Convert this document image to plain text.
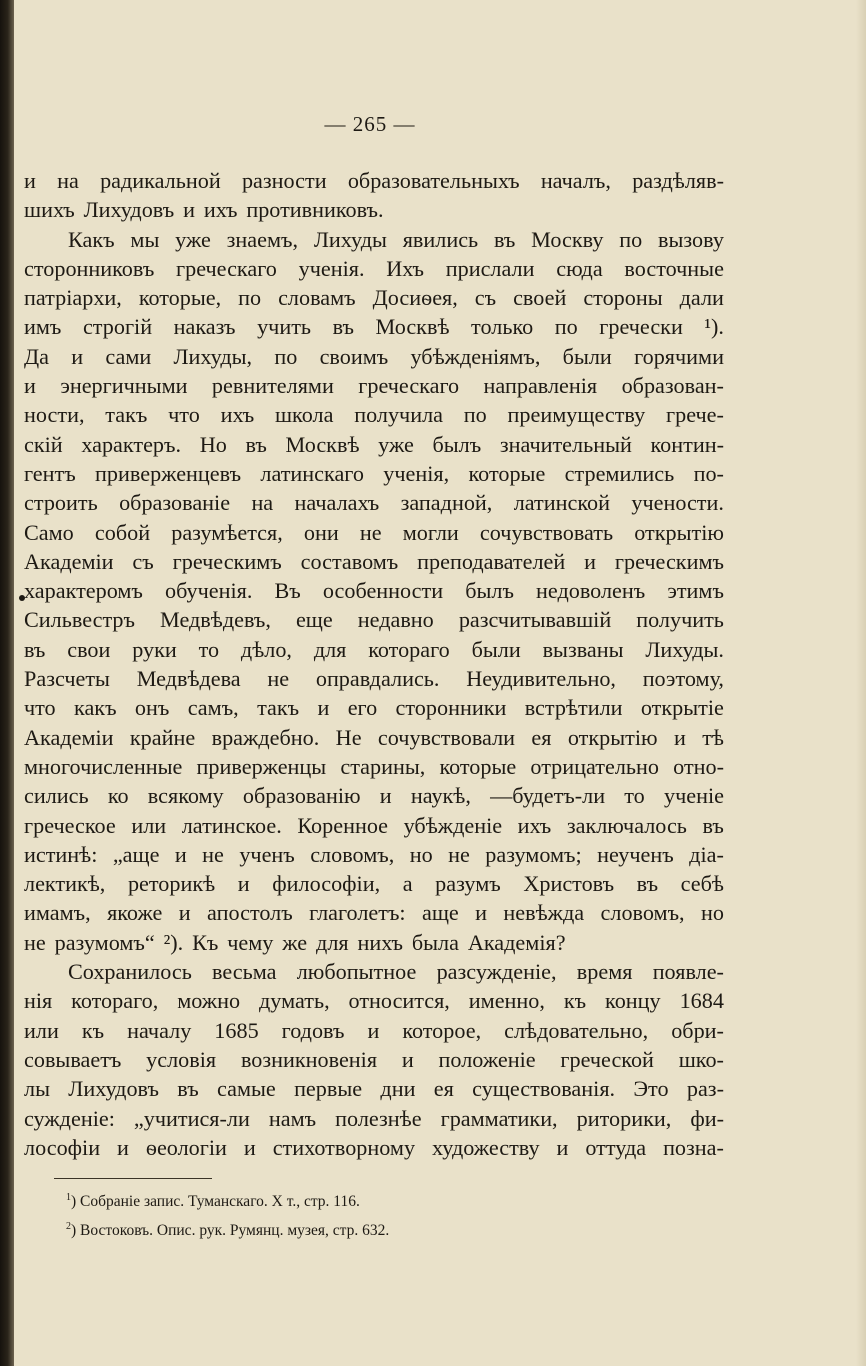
— 265 —
и на радикальной разности образовательныхъ началъ, раздѣляв-
шихъ Лихудовъ и ихъ противниковъ.
Какъ мы уже знаемъ, Лихуды явились въ Москву по вызову
сторонниковъ греческаго ученія. Ихъ прислали сюда восточные
патріархи, которые, по словамъ Досиѳея, съ своей стороны дали
имъ строгій наказъ учить въ Москвѣ только по гречески ¹).
Да и сами Лихуды, по своимъ убѣжденіямъ, были горячими
и энергичными ревнителями греческаго направленія образован-
ности, такъ что ихъ школа получила по преимуществу грече-
скій характеръ. Но въ Москвѣ уже былъ значительный контин-
гентъ приверженцевъ латинскаго ученія, которые стремились по-
строить образованіе на началахъ западной, латинской учености.
Само собой разумѣется, они не могли сочувствовать открытію
Академіи съ греческимъ составомъ преподавателей и греческимъ
характеромъ обученія. Въ особенности былъ недоволенъ этимъ
Сильвестръ Медвѣдевъ, еще недавно разсчитывавшій получить
въ свои руки то дѣло, для котораго были вызваны Лихуды.
Разсчеты Медвѣдева не оправдались. Неудивительно, поэтому,
что какъ онъ самъ, такъ и его сторонники встрѣтили открытіе
Академіи крайне враждебно. Не сочувствовали ея открытію и тѣ
многочисленные приверженцы старины, которые отрицательно отно-
сились ко всякому образованію и наукѣ, —будетъ-ли то ученіе
греческое или латинское. Коренное убѣжденіе ихъ заключалось въ
истинѣ: „аще и не ученъ словомъ, но не разумомъ; неученъ діа-
лектикѣ, реторикѣ и философіи, а разумъ Христовъ въ себѣ
имамъ, якоже и апостолъ глаголетъ: аще и невѣжда словомъ, но
не разумомъ“ ²). Къ чему же для нихъ была Академія?
Сохранилось весьма любопытное разсужденіе, время появле-
нія котораго, можно думать, относится, именно, къ концу 1684
или къ началу 1685 годовъ и которое, слѣдовательно, обри-
совываетъ условія возникновенія и положеніе греческой шко-
лы Лихудовъ въ самые первые дни ея существованія. Это раз-
сужденіе: „учитися-ли намъ полезнѣе грамматики, риторики, фи-
лософіи и ѳеологіи и стихотворному художеству и оттуда позна-
$^1$) Собраніе запис. Туманскаго. X т., стр. 116.
$^2$) Востоковъ. Опис. рук. Румянц. музея, стр. 632.
